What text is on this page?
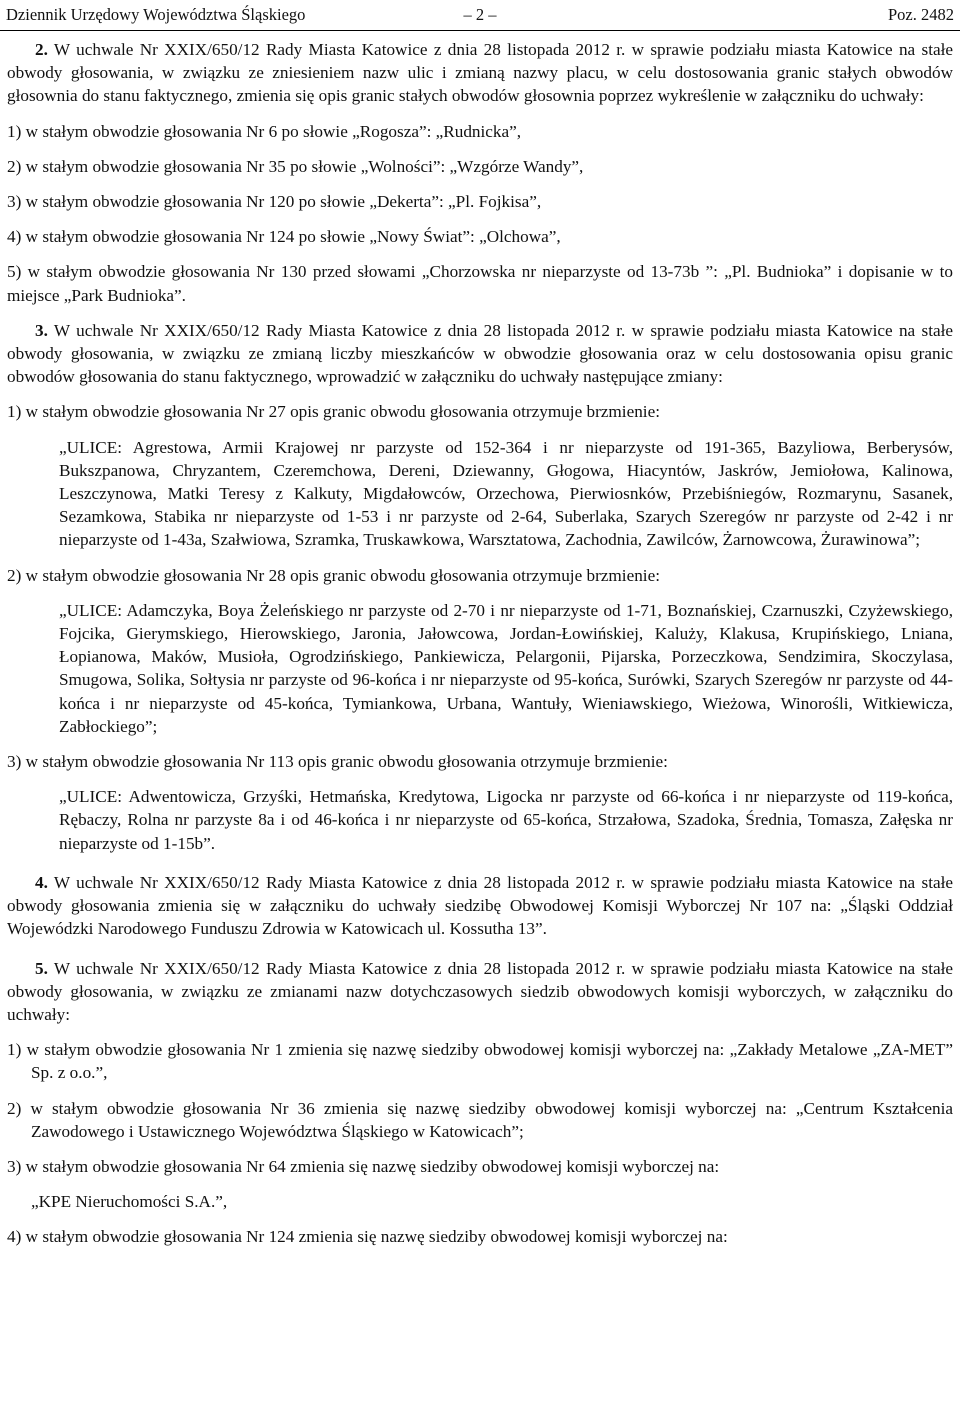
Dziennik Urzędowy Województwa Śląskiego	– 2 –	Poz. 2482

2. W uchwale Nr XXIX/650/12 Rady Miasta Katowice z dnia 28 listopada 2012 r. w sprawie podziału miasta Katowice na stałe obwody głosowania, w związku ze zniesieniem nazw ulic i zmianą nazwy placu, w celu dostosowania granic stałych obwodów głosownia do stanu faktycznego, zmienia się opis granic stałych obwodów głosownia poprzez wykreślenie w załączniku do uchwały:

1) w stałym obwodzie głosowania Nr 6 po słowie „Rogosza”: „Rudnicka”,

2) w stałym obwodzie głosowania Nr 35 po słowie „Wolności”: „Wzgórze Wandy”,

3) w stałym obwodzie głosowania Nr 120 po słowie „Dekerta”: „Pl. Fojkisa”,

4) w stałym obwodzie głosowania Nr 124 po słowie „Nowy Świat”: „Olchowa”,

5) w stałym obwodzie głosowania Nr 130 przed słowami „Chorzowska nr nieparzyste od 13-73b ”: „Pl. Budnioka” i dopisanie w to miejsce „Park Budnioka”.

3. W uchwale Nr XXIX/650/12 Rady Miasta Katowice z dnia 28 listopada 2012 r. w sprawie podziału miasta Katowice na stałe obwody głosowania, w związku ze zmianą liczby mieszkańców w obwodzie głosowania oraz w celu dostosowania opisu granic obwodów głosowania do stanu faktycznego, wprowadzić w załączniku do uchwały następujące zmiany:

1) w stałym obwodzie głosowania Nr 27 opis granic obwodu głosowania otrzymuje brzmienie:

„ULICE: Agrestowa, Armii Krajowej nr parzyste od 152-364 i nr nieparzyste od 191-365, Bazyliowa, Berberysów, Bukszpanowa, Chryzantem, Czeremchowa, Dereni, Dziewanny, Głogowa, Hiacyntów, Jaskrów, Jemiołowa, Kalinowa, Leszczynowa, Matki Teresy z Kalkuty, Migdałowców, Orzechowa, Pierwiosnków, Przebiśniegów, Rozmarynu, Sasanek, Sezamkowa, Stabika nr nieparzyste od 1-53 i nr parzyste od 2-64, Suberlaka, Szarych Szeregów nr parzyste od 2-42 i nr nieparzyste od 1-43a, Szałwiowa, Szramka, Truskawkowa, Warsztatowa, Zachodnia, Zawilców, Żarnowcowa, Żurawinowa”;

2) w stałym obwodzie głosowania Nr 28 opis granic obwodu głosowania otrzymuje brzmienie:

„ULICE: Adamczyka, Boya Żeleńskiego nr parzyste od 2-70 i nr nieparzyste od 1-71, Boznańskiej, Czarnuszki, Czyżewskiego, Fojcika, Gierymskiego, Hierowskiego, Jaronia, Jałowcowa, Jordan-Łowińskiej, Kaluży, Klakusa, Krupińskiego, Lniana, Łopianowa, Maków, Musioła, Ogrodzińskiego, Pankiewicza, Pelargonii, Pijarska, Porzeczkowa, Sendzimira, Skoczylasa, Smugowa, Solika, Sołtysia nr parzyste od 96-końca i nr nieparzyste od 95-końca, Surówki, Szarych Szeregów nr parzyste od 44-końca i nr nieparzyste od 45-końca, Tymiankowa, Urbana, Wantuły, Wieniawskiego, Wieżowa, Winorośli, Witkiewicza, Zabłockiego”;

3) w stałym obwodzie głosowania Nr 113 opis granic obwodu głosowania otrzymuje brzmienie:

„ULICE: Adwentowicza, Grzyśki, Hetmańska, Kredytowa, Ligocka nr parzyste od 66-końca i nr nieparzyste od 119-końca, Rębaczy, Rolna nr parzyste 8a i od 46-końca i nr nieparzyste od 65-końca, Strzałowa, Szadoka, Średnia, Tomasza, Załęska nr nieparzyste od 1-15b”.

4. W uchwale Nr XXIX/650/12 Rady Miasta Katowice z dnia 28 listopada 2012 r. w sprawie podziału miasta Katowice na stałe obwody głosowania zmienia się w załączniku do uchwały siedzibę Obwodowej Komisji Wyborczej Nr 107 na: „Śląski Oddział Wojewódzki Narodowego Funduszu Zdrowia w Katowicach ul. Kossutha 13”.

5. W uchwale Nr XXIX/650/12 Rady Miasta Katowice z dnia 28 listopada 2012 r. w sprawie podziału miasta Katowice na stałe obwody głosowania, w związku ze zmianami nazw dotychczasowych siedzib obwodowych komisji wyborczych, w załączniku do uchwały:

1) w stałym obwodzie głosowania Nr 1 zmienia się nazwę siedziby obwodowej komisji wyborczej na: „Zakłady Metalowe „ZA-MET” Sp. z o.o.”,

2) w stałym obwodzie głosowania Nr 36 zmienia się nazwę siedziby obwodowej komisji wyborczej na: „Centrum Kształcenia Zawodowego i Ustawicznego Województwa Śląskiego w Katowicach”;

3) w stałym obwodzie głosowania Nr 64 zmienia się nazwę siedziby obwodowej komisji wyborczej na:

„KPE Nieruchomości S.A.”,

4) w stałym obwodzie głosowania Nr 124 zmienia się nazwę siedziby obwodowej komisji wyborczej na:
